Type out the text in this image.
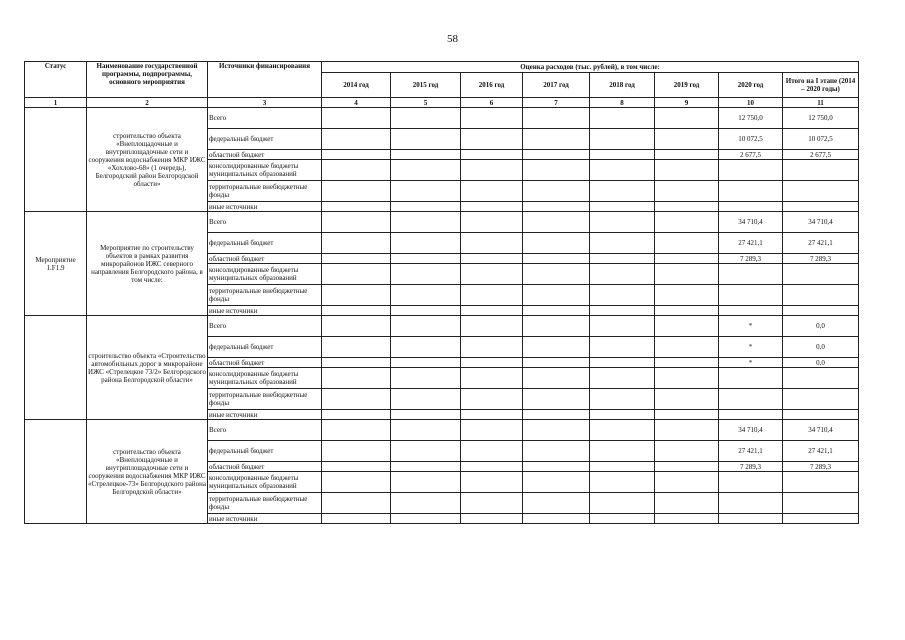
58
Статус	Наименование государственной программы, подпрограммы, основного мероприятия	Источники финансирования	Оценка расходов (тыс. рублей), в том числе:							
			2014 год	2015 год	2016 год	2017 год	2018 год	2019 год	2020 год	Итого на I этапе (2014 – 2020 годы)
1	2	3	4	5	6	7	8	9	10	11
	строительство объекта «Внеплощадочные и внутриплощадочные сети и сооружения водоснабжения МКР ИЖС «Хохлово-68» (1 очередь), Белгородский район Белгородской области»	Всего							12 750,0	12 750,0
		федеральный бюджет							10 072,5	10 072,5
		областной бюджет							2 677,5	2 677,5
		консолидированные бюджеты муниципальных образований								
		территориальные внебюджетные фонды								
		иные источники								
Мероприятие 1.F1.9	Мероприятие по строительству объектов в рамках развития микрорайонов ИЖС северного направления Белгородского района, в том числе:	Всего							34 710,4	34 710,4
		федеральный бюджет							27 421,1	27 421,1
		областной бюджет							7 289,3	7 289,3
		консолидированные бюджеты муниципальных образований								
		территориальные внебюджетные фонды								
		иные источники								
	строительство объекта «Строительство автомобильных дорог в микрорайоне ИЖС «Стрелецкое 73/2» Белгородского района Белгородской области»	Всего							*	0,0
		федеральный бюджет							*	0,0
		областной бюджет							*	0,0
		консолидированные бюджеты муниципальных образований								
		территориальные внебюджетные фонды								
		иные источники								
	строительство объекта «Внеплощадочные и внутриплощадочные сети и сооружения водоснабжения МКР ИЖС «Стрелецкое-73» Белгородского района Белгородской области»	Всего							34 710,4	34 710,4
		федеральный бюджет							27 421,1	27 421,1
		областной бюджет							7 289,3	7 289,3
		консолидированные бюджеты муниципальных образований								
		территориальные внебюджетные фонды								
		иные источники								
